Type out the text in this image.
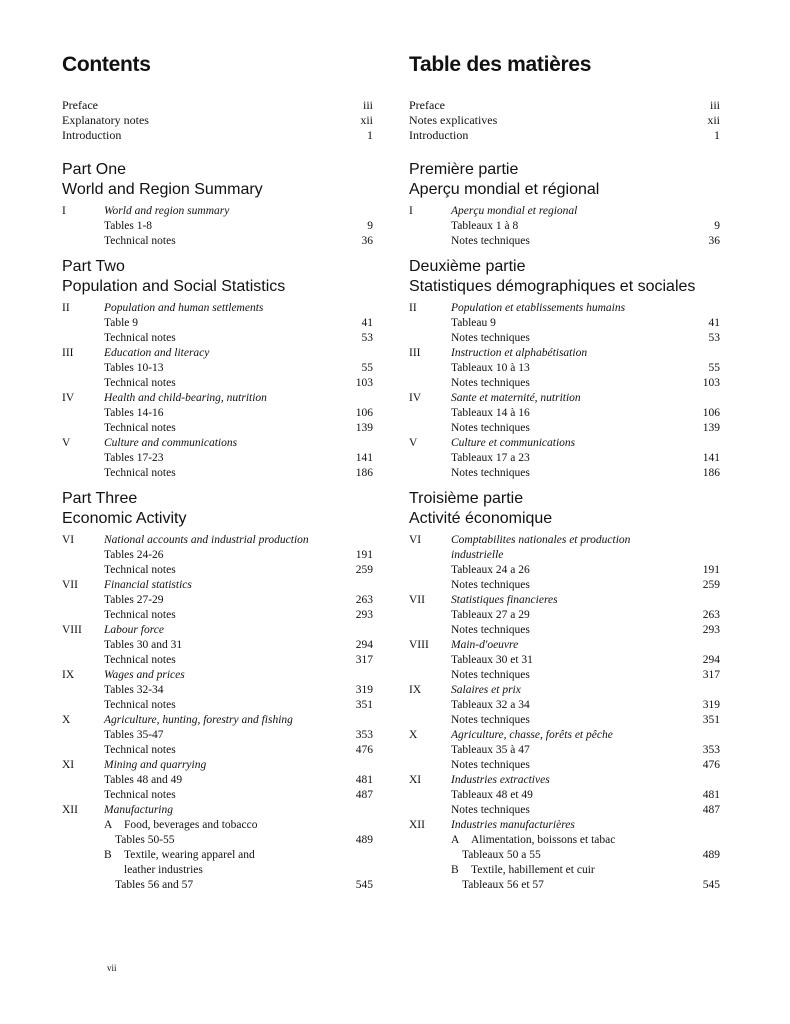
Contents
Preface	iii
Explanatory notes	xii
Introduction	1
Part One
World and Region Summary
I	World and region summary
Tables 1-8	9
Technical notes	36
Part Two
Population and Social Statistics
II	Population and human settlements
Table 9	41
Technical notes	53
III	Education and literacy
Tables 10-13	55
Technical notes	103
IV	Health and child-bearing, nutrition
Tables 14-16	106
Technical notes	139
V	Culture and communications
Tables 17-23	141
Technical notes	186
Part Three
Economic Activity
VI	National accounts and industrial production
Tables 24-26	191
Technical notes	259
VII Financial statistics
Tables 27-29	263
Technical notes	293
VIII Labour force
Tables 30 and 31	294
Technical notes	317
IX	Wages and prices
Tables 32-34	319
Technical notes	351
X	Agriculture, hunting, forestry and fishing
Tables 35-47	353
Technical notes	476
XI	Mining and quarrying
Tables 48 and 49	481
Technical notes	487
XII Manufacturing
A Food, beverages and tobacco
Tables 50-55	489
B Textile, wearing apparel and
leather industries
Tables 56 and 57	545
Table des matières
Preface	iii
Notes explicatives	xii
Introduction	1
Première partie
Aperçu mondial et régional
I	Aperçu mondial et regional
Tableaux 1 à 8	9
Notes techniques	36
Deuxième partie
Statistiques démographiques et sociales
II	Population et etablissements humains
Tableau 9	41
Notes techniques	53
III	Instruction et alphabétisation
Tableaux 10 à 13	55
Notes techniques	103
IV	Sante et maternité, nutrition
Tableaux 14 à 16	106
Notes techniques	139
V	Culture et communications
Tableaux 17 a 23	141
Notes techniques	186
Troisième partie
Activité économique
VI	Comptabilites nationales et production industrielle
Tableaux 24 a 26	191
Notes techniques	259
VII Statistiques financieres
Tableaux 27 a 29	263
Notes techniques	293
VIII Main-d'oeuvre
Tableaux 30 et 31	294
Notes techniques	317
IX	Salaires et prix
Tableaux 32 a 34	319
Notes techniques	351
X	Agriculture, chasse, forêts et pêche
Tableaux 35 à 47	353
Notes techniques	476
XI	Industries extractives
Tableaux 48 et 49	481
Notes techniques	487
XII Industries manufacturières
A Alimentation, boissons et tabac
Tableaux 50 a 55	489
B Textile, habillement et cuir
Tableaux 56 et 57	545
vii
